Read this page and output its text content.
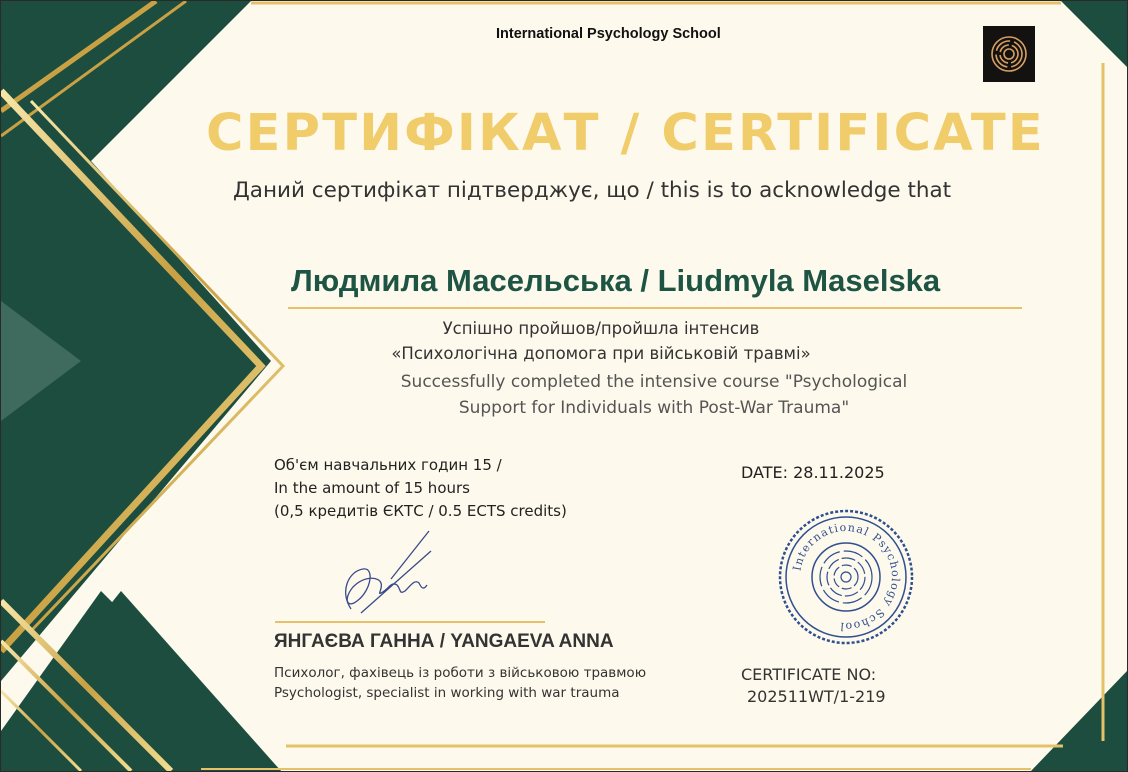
International Psychology School
СЕРТИФІКАТ / CERTIFICATE
Даний сертифікат підтверджує, що / this is to acknowledge that
Людмила Масельська / Liudmyla Maselska
Успішно пройшов/пройшла інтенсив
«Психологічна допомога при військовій травмі»
Successfully completed the intensive course "Psychological
Support for Individuals with Post-War Trauma"
Об'єм навчальних годин 15 /
In the amount of 15 hours
(0,5 кредитів ЄКТС / 0.5 ECTS credits)
DATE: 28.11.2025
ЯНГАЄВА ГАННА / YANGAEVA ANNA
Психолог, фахівець із роботи з військовою травмою
Psychologist, specialist in working with war trauma
CERTIFICATE NO:
202511WT/1-219
International Psychology School
